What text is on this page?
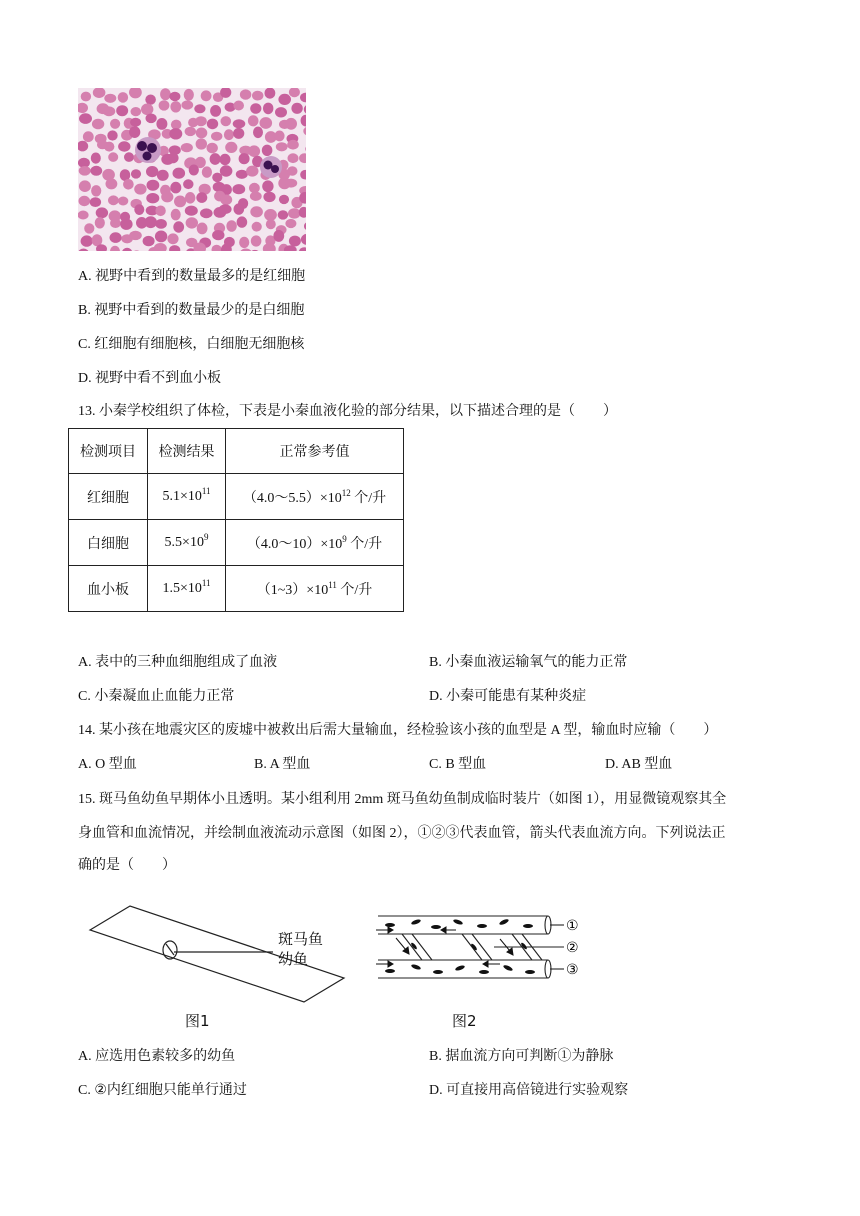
A. 视野中看到的数量最多的是红细胞
B. 视野中看到的数量最少的是白细胞
C. 红细胞有细胞核，白细胞无细胞核
D. 视野中看不到血小板
13. 小秦学校组织了体检，下表是小秦血液化验的部分结果，以下描述合理的是（　　）
检测项目	检测结果	正常参考值
红细胞	$5.1\times 10^{11}$	$(4.0\sim 5.5)\times 10^{12}$ 个/升
白细胞	$5.5\times 10^9$	$(4.0\sim 10)\times 10^9$ 个/升
血小板	$1.5\times 10^{11}$	$(1\sim 3)\times 10^{11}$ 个/升
A. 表中的三种血细胞组成了血液	B. 小秦血液运输氧气的能力正常
C. 小秦凝血止血能力正常	D. 小秦可能患有某种炎症
14. 某小孩在地震灾区的废墟中被救出后需大量输血，经检验该小孩的血型是 A 型，输血时应输（　　）
A. O 型血	B. A 型血	C. B 型血	D. AB 型血
15. 斑马鱼幼鱼早期体小且透明。某小组利用 2mm 斑马鱼幼鱼制成临时装片（如图 1），用显微镜观察其全
身血管和血流情况，并绘制血液流动示意图（如图 2），①②③代表血管，箭头代表血流方向。下列说法正
确的是（　　）
斑马鱼
幼鱼
图1
①
②
③
图2
A. 应选用色素较多的幼鱼	B. 据血流方向可判断①为静脉
C. ②内红细胞只能单行通过	D. 可直接用高倍镜进行实验观察
